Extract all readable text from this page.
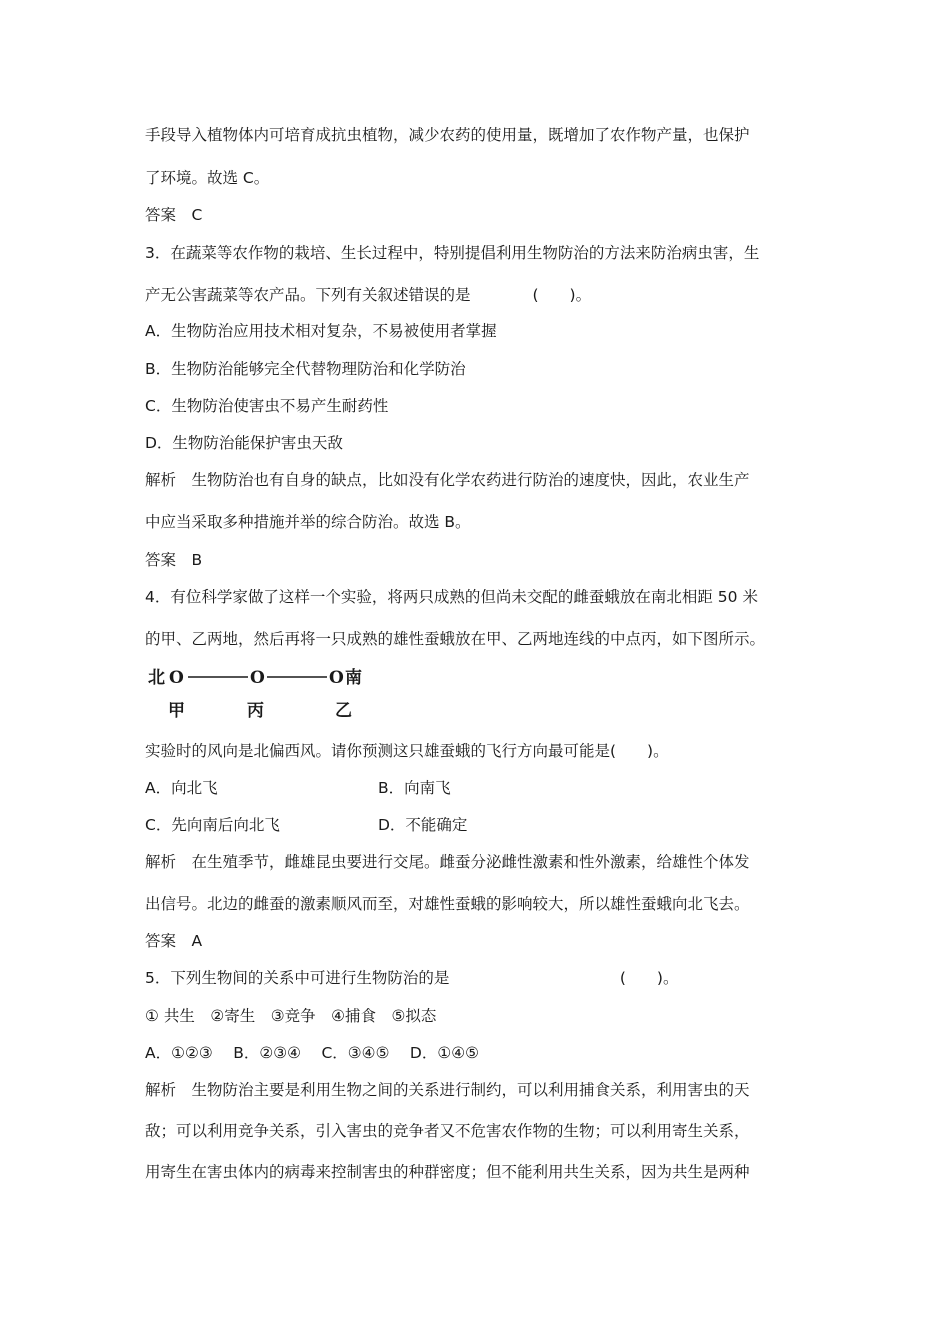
手段导入植物体内可培育成抗虫植物，减少农药的使用量，既增加了农作物产量，也保护
了环境。故选 C。
答案　C
3．在蔬菜等农作物的栽培、生长过程中，特别提倡利用生物防治的方法来防治病虫害，生
产无公害蔬菜等农产品。下列有关叙述错误的是　　　　(　　)。
A．生物防治应用技术相对复杂，不易被使用者掌握
B．生物防治能够完全代替物理防治和化学防治
C．生物防治使害虫不易产生耐药性
D．生物防治能保护害虫天敌
解析　生物防治也有自身的缺点，比如没有化学农药进行防治的速度快，因此，农业生产
中应当采取多种措施并举的综合防治。故选 B。
答案　B
4．有位科学家做了这样一个实验，将两只成熟的但尚未交配的雌蚕蛾放在南北相距 50 米
的甲、乙两地，然后再将一只成熟的雄性蚕蛾放在甲、乙两地连线的中点丙，如下图所示。
北 O	O	O 南
甲	丙	乙
实验时的风向是北偏西风。请你预测这只雄蚕蛾的飞行方向最可能是(　　)。
A．向北飞	B．向南飞
C．先向南后向北飞	D．不能确定
解析　在生殖季节，雌雄昆虫要进行交尾。雌蚕分泌雌性激素和性外激素，给雄性个体发
出信号。北边的雌蚕的激素顺风而至，对雄性蚕蛾的影响较大，所以雄性蚕蛾向北飞去。
答案　A
5．下列生物间的关系中可进行生物防治的是　　　　　　　　　　　(　　)。
① 共生　②寄生　③竞争　④捕食　⑤拟态
A．①②③　 B．②③④　 C．③④⑤　 D．①④⑤
解析　生物防治主要是利用生物之间的关系进行制约，可以利用捕食关系，利用害虫的天
敌；可以利用竞争关系，引入害虫的竞争者又不危害农作物的生物；可以利用寄生关系，
用寄生在害虫体内的病毒来控制害虫的种群密度；但不能利用共生关系，因为共生是两种
